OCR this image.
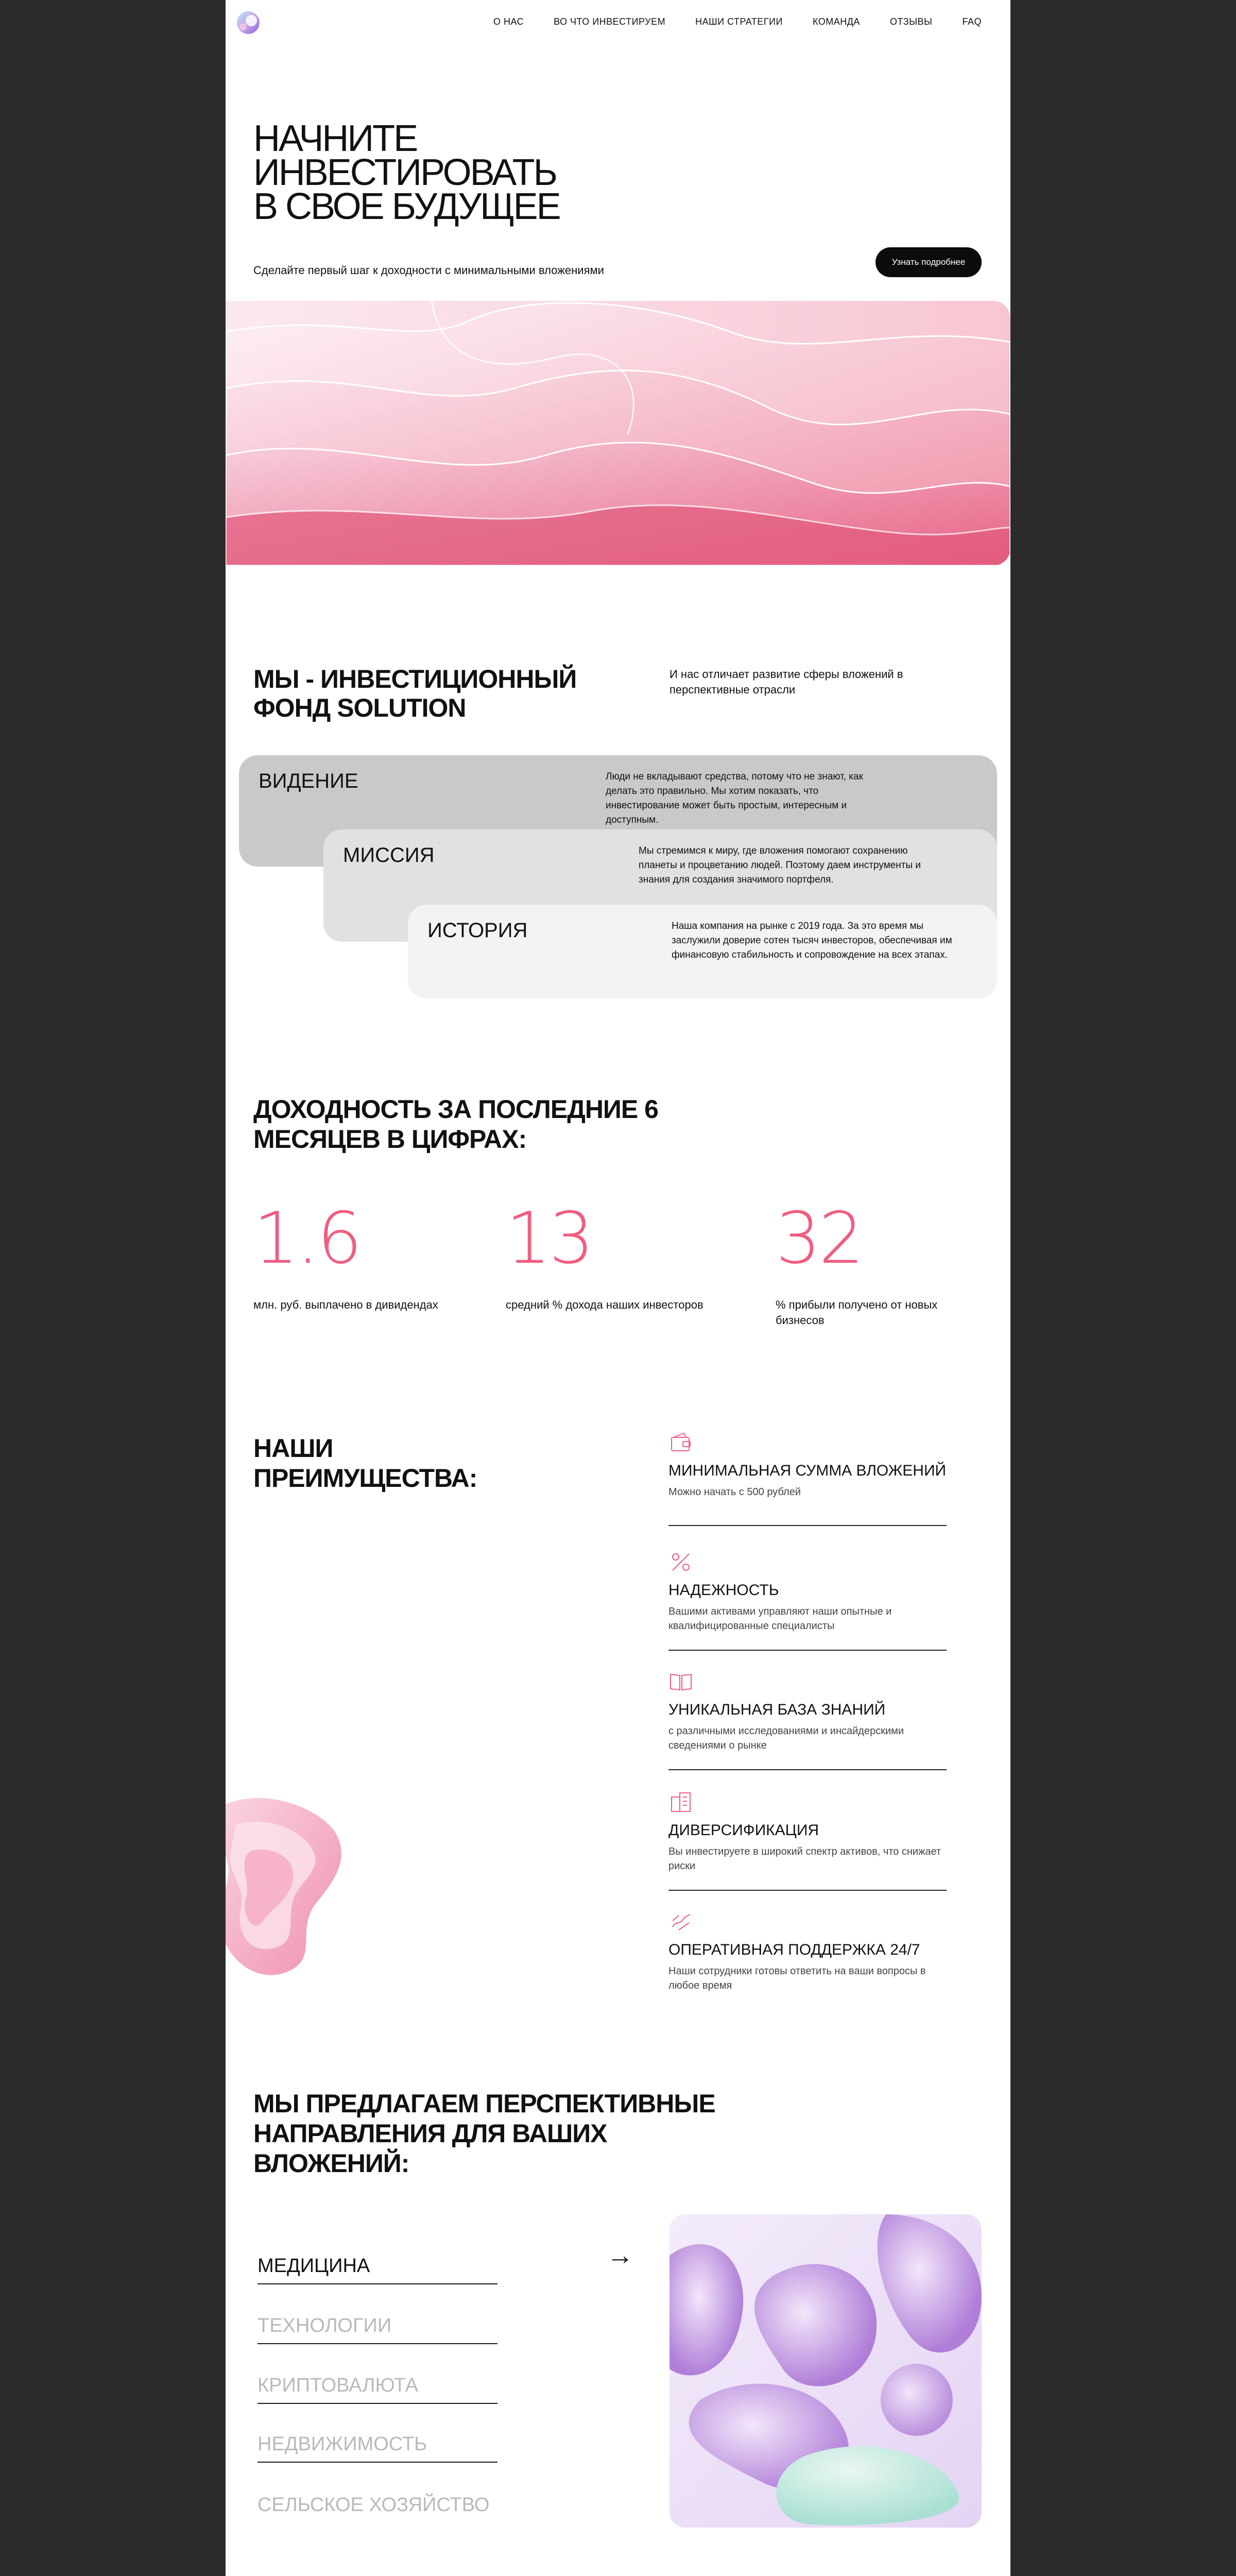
О НАС	ВО ЧТО ИНВЕСТИРУЕМ	НАШИ СТРАТЕГИИ	КОМАНДА	ОТЗЫВЫ	FAQ
НАЧНИТЕ
ИНВЕСТИРОВАТЬ
В СВОЕ БУДУЩЕЕ
Сделайте первый шаг к доходности с минимальными вложениями
Узнать подробнее
МЫ - ИНВЕСТИЦИОННЫЙ ФОНД SOLUTION
И нас отличает развитие сферы вложений в перспективные отрасли
ВИДЕНИЕ	Люди не вкладывают средства, потому что не знают, как делать это правильно. Мы хотим показать, что инвестирование может быть простым, интересным и доступным.
МИССИЯ	Мы стремимся к миру, где вложения помогают сохранению планеты и процветанию людей. Поэтому даем инструменты и знания для создания значимого портфеля.
ИСТОРИЯ	Наша компания на рынке с 2019 года. За это время мы заслужили доверие сотен тысяч инвесторов, обеспечивая им финансовую стабильность и сопровождение на всех этапах.
ДОХОДНОСТЬ ЗА ПОСЛЕДНИЕ 6 МЕСЯЦЕВ В ЦИФРАХ:
1.6
млн. руб. выплачено в дивидендах
13
средний % дохода наших инвесторов
32
% прибыли получено от новых бизнесов
НАШИ ПРЕИМУЩЕСТВА:	МИНИМАЛЬНАЯ СУММА ВЛОЖЕНИЙ
Можно начать с 500 рублей
НАДЕЖНОСТЬ
Вашими активами управляют наши опытные и квалифицированные специалисты
УНИКАЛЬНАЯ БАЗА ЗНАНИЙ
с различными исследованиями и инсайдерскими сведениями о рынке
ДИВЕРСИФИКАЦИЯ
Вы инвестируете в широкий спектр активов, что снижает риски
ОПЕРАТИВНАЯ ПОДДЕРЖКА 24/7
Наши сотрудники готовы ответить на ваши вопросы в любое время
МЫ ПРЕДЛАГАЕМ ПЕРСПЕКТИВНЫЕ НАПРАВЛЕНИЯ ДЛЯ ВАШИХ ВЛОЖЕНИЙ:
МЕДИЦИНА
ТЕХНОЛОГИИ
КРИПТОВАЛЮТА
НЕДВИЖИМОСТЬ
СЕЛЬСКОЕ ХОЗЯЙСТВО
→
